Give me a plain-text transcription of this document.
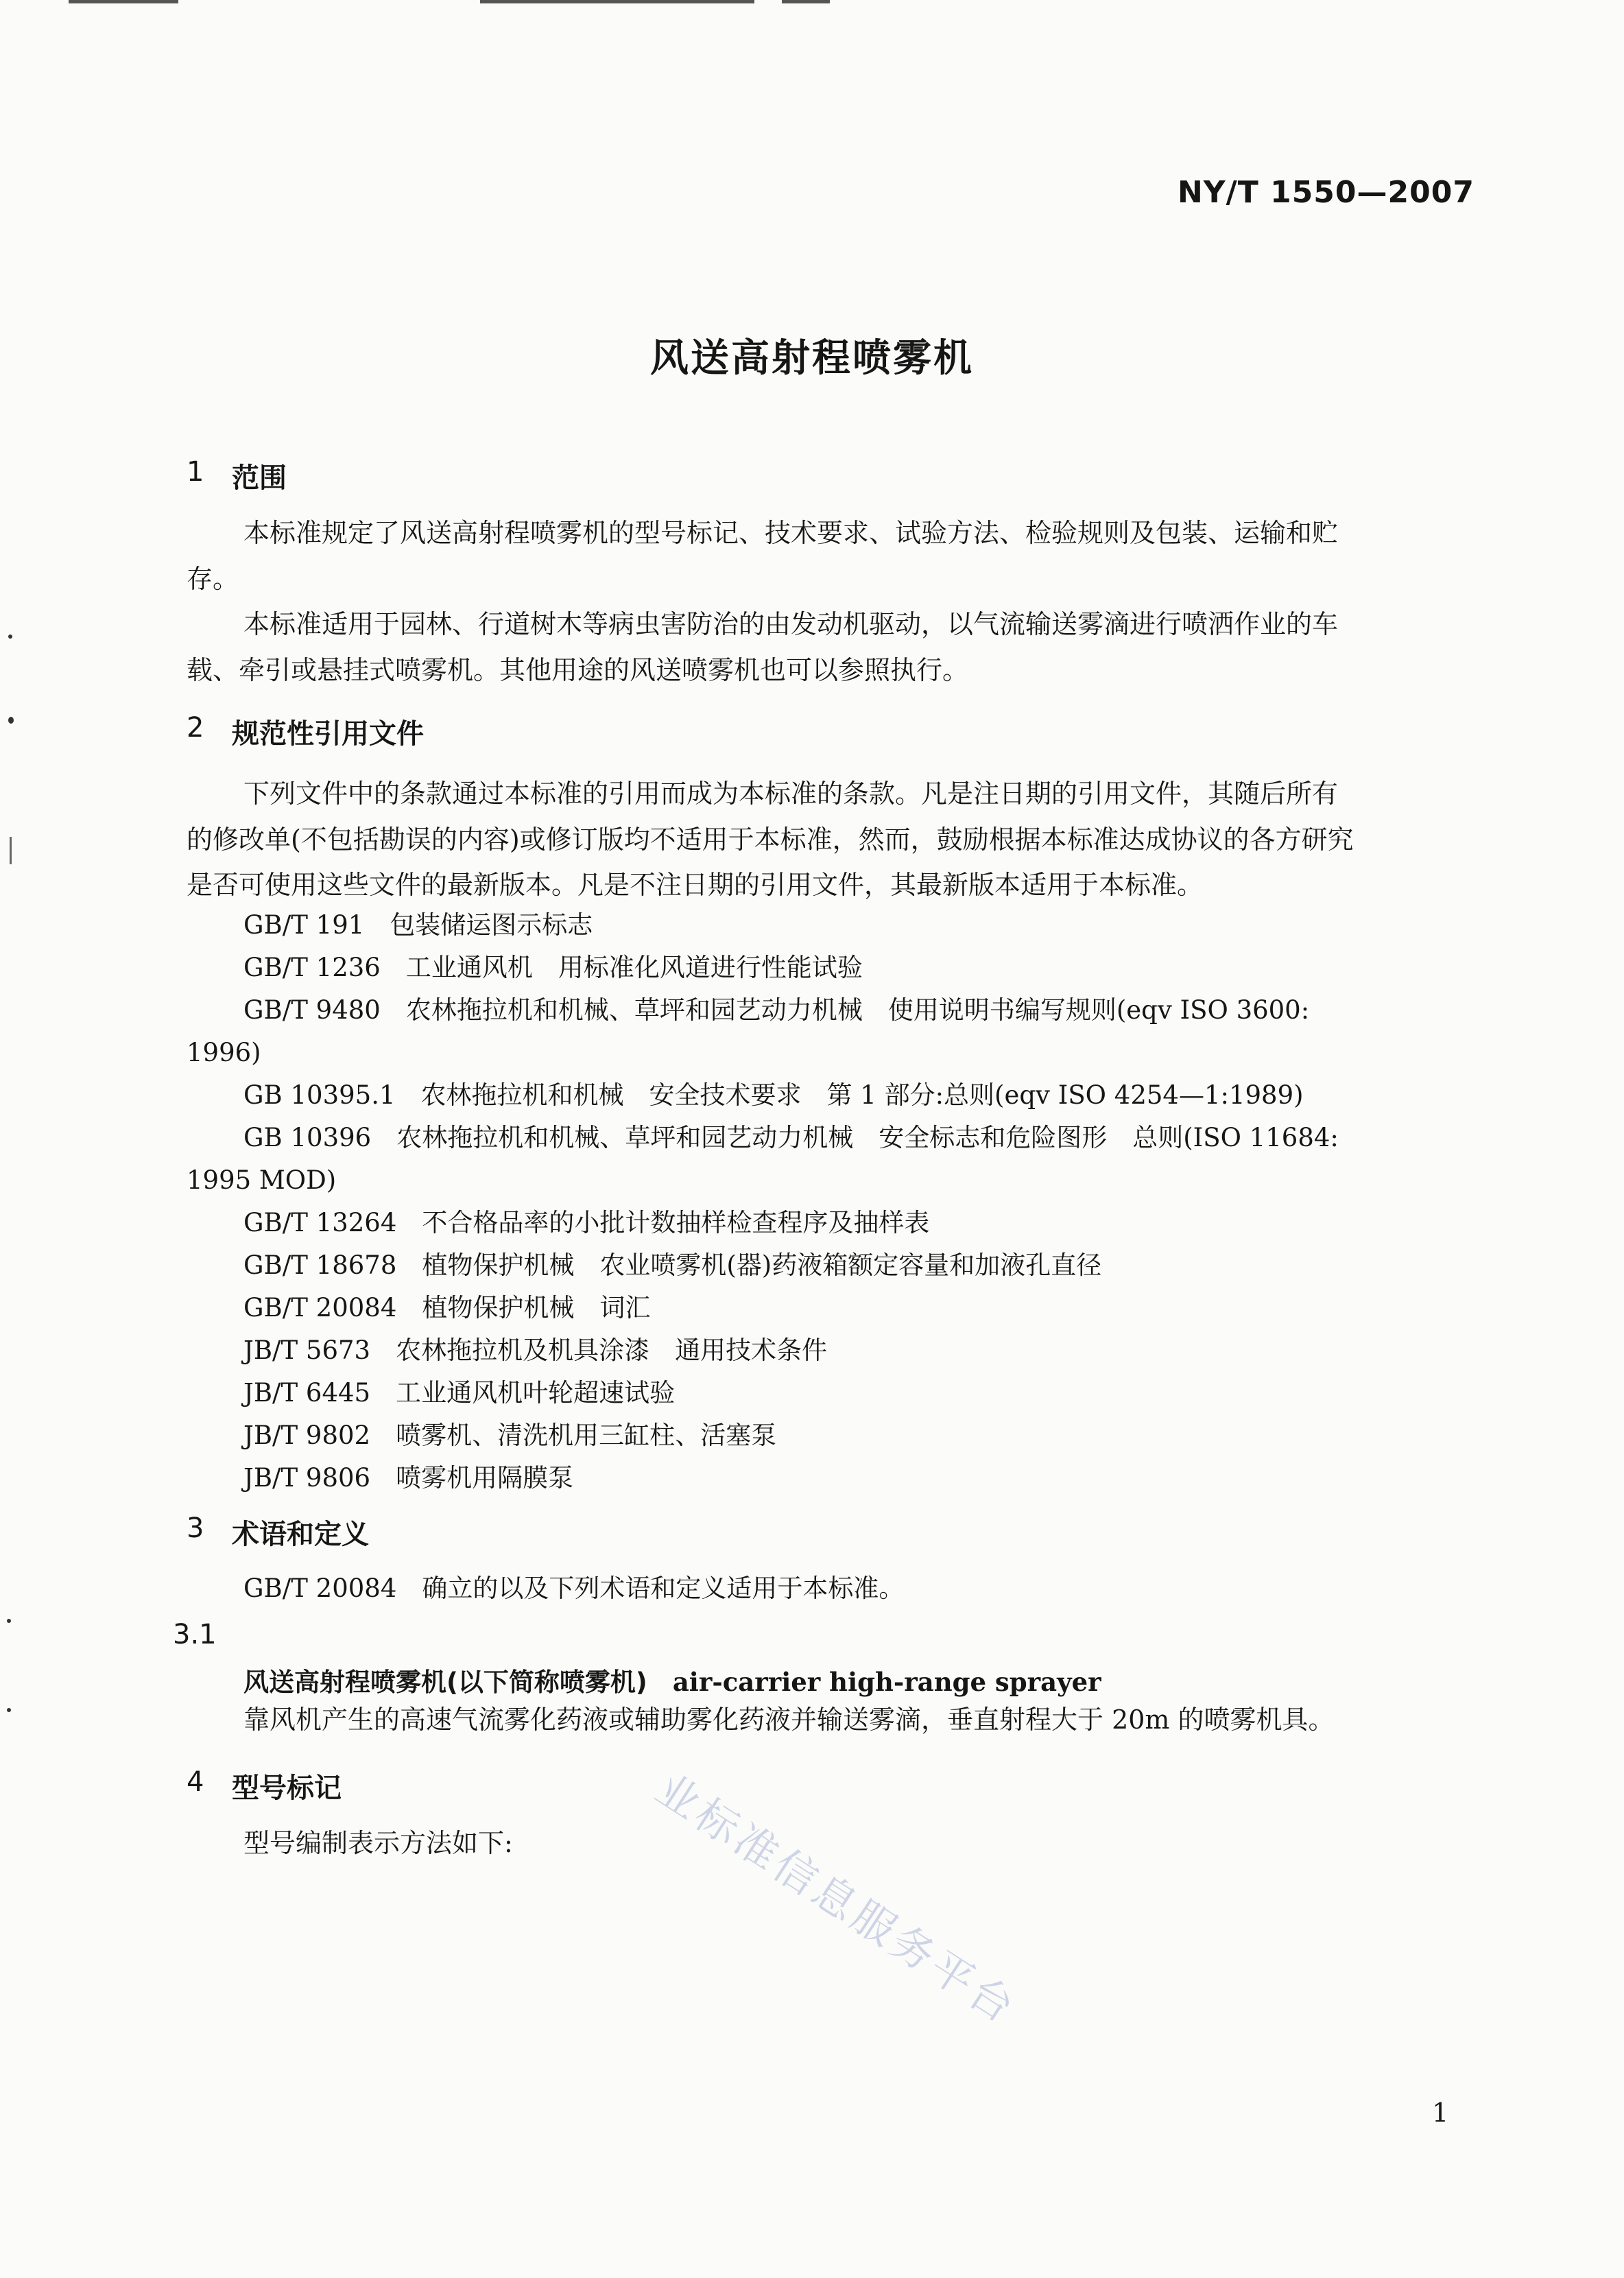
NY/T 1550—2007
风送高射程喷雾机
1 范围
本标准规定了风送高射程喷雾机的型号标记、技术要求、试验方法、检验规则及包装、运输和贮
存。
本标准适用于园林、行道树木等病虫害防治的由发动机驱动，以气流输送雾滴进行喷洒作业的车
载、牵引或悬挂式喷雾机。其他用途的风送喷雾机也可以参照执行。
2 规范性引用文件
下列文件中的条款通过本标准的引用而成为本标准的条款。凡是注日期的引用文件，其随后所有
的修改单(不包括勘误的内容)或修订版均不适用于本标准，然而，鼓励根据本标准达成协议的各方研究
是否可使用这些文件的最新版本。凡是不注日期的引用文件，其最新版本适用于本标准。
GB/T 191  包装储运图示标志
GB/T 1236  工业通风机　用标准化风道进行性能试验
GB/T 9480  农林拖拉机和机械、草坪和园艺动力机械　使用说明书编写规则(eqv ISO 3600:
1996)
GB 10395.1  农林拖拉机和机械　安全技术要求　第 1 部分:总则(eqv ISO 4254—1:1989)
GB 10396  农林拖拉机和机械、草坪和园艺动力机械　安全标志和危险图形　总则(ISO 11684:
1995 MOD)
GB/T 13264  不合格品率的小批计数抽样检查程序及抽样表
GB/T 18678  植物保护机械　农业喷雾机(器)药液箱额定容量和加液孔直径
GB/T 20084  植物保护机械　词汇
JB/T 5673  农林拖拉机及机具涂漆　通用技术条件
JB/T 6445  工业通风机叶轮超速试验
JB/T 9802  喷雾机、清洗机用三缸柱、活塞泵
JB/T 9806  喷雾机用隔膜泵
3 术语和定义
GB/T 20084  确立的以及下列术语和定义适用于本标准。
3.1
风送高射程喷雾机(以下简称喷雾机)  air-carrier high-range sprayer
靠风机产生的高速气流雾化药液或辅助雾化药液并输送雾滴，垂直射程大于 20m 的喷雾机具。
4 型号标记
型号编制表示方法如下:	业标准信息服务平台
1
